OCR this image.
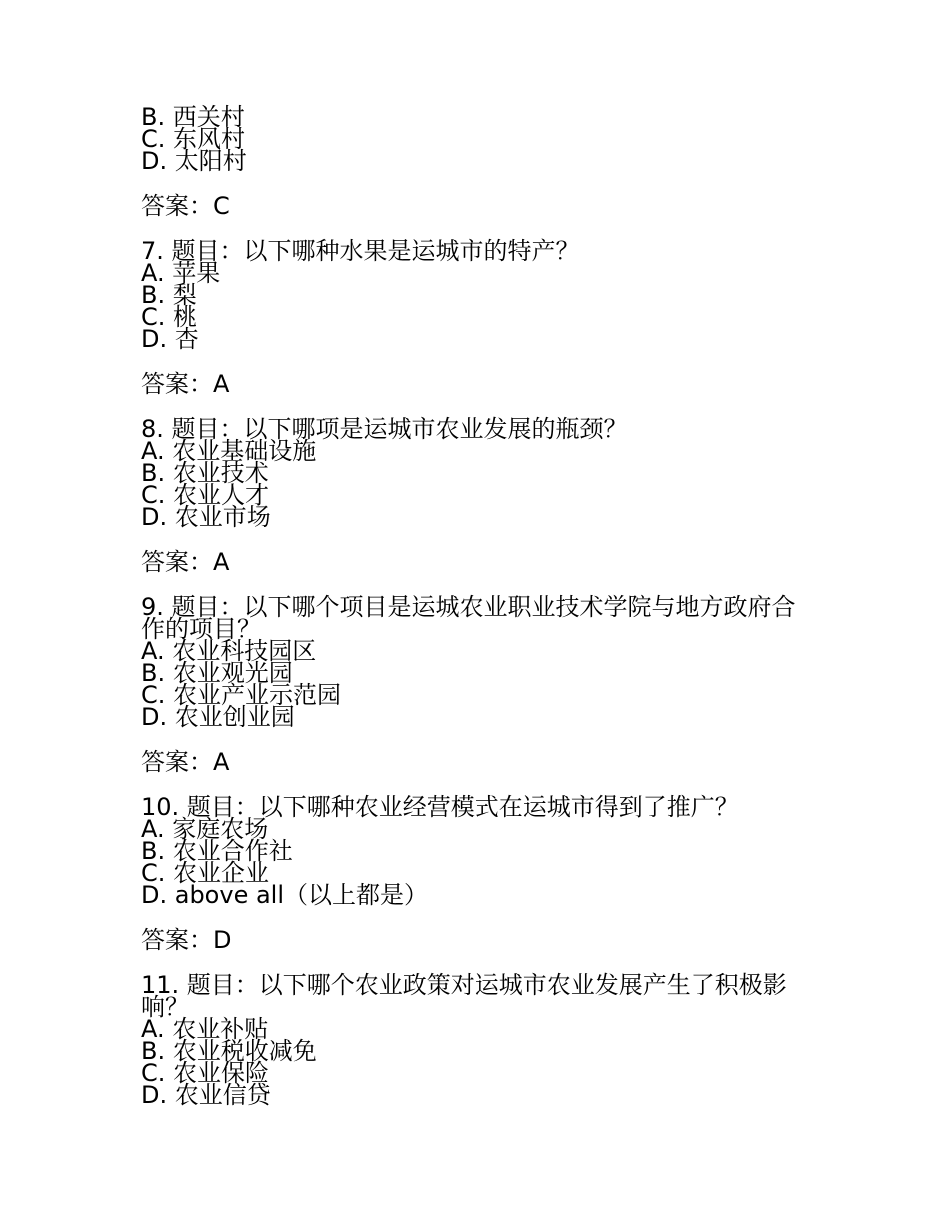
B. 西关村
C. 东风村
D. 太阳村
答案：C
7. 题目：以下哪种水果是运城市的特产？
A. 苹果
B. 梨
C. 桃
D. 杏
答案：A
8. 题目：以下哪项是运城市农业发展的瓶颈？
A. 农业基础设施
B. 农业技术
C. 农业人才
D. 农业市场
答案：A
9. 题目：以下哪个项目是运城农业职业技术学院与地方政府合作的项目？
A. 农业科技园区
B. 农业观光园
C. 农业产业示范园
D. 农业创业园
答案：A
10. 题目：以下哪种农业经营模式在运城市得到了推广？
A. 家庭农场
B. 农业合作社
C. 农业企业
D. above all（以上都是）
答案：D
11. 题目：以下哪个农业政策对运城市农业发展产生了积极影响？
A. 农业补贴
B. 农业税收减免
C. 农业保险
D. 农业信贷
